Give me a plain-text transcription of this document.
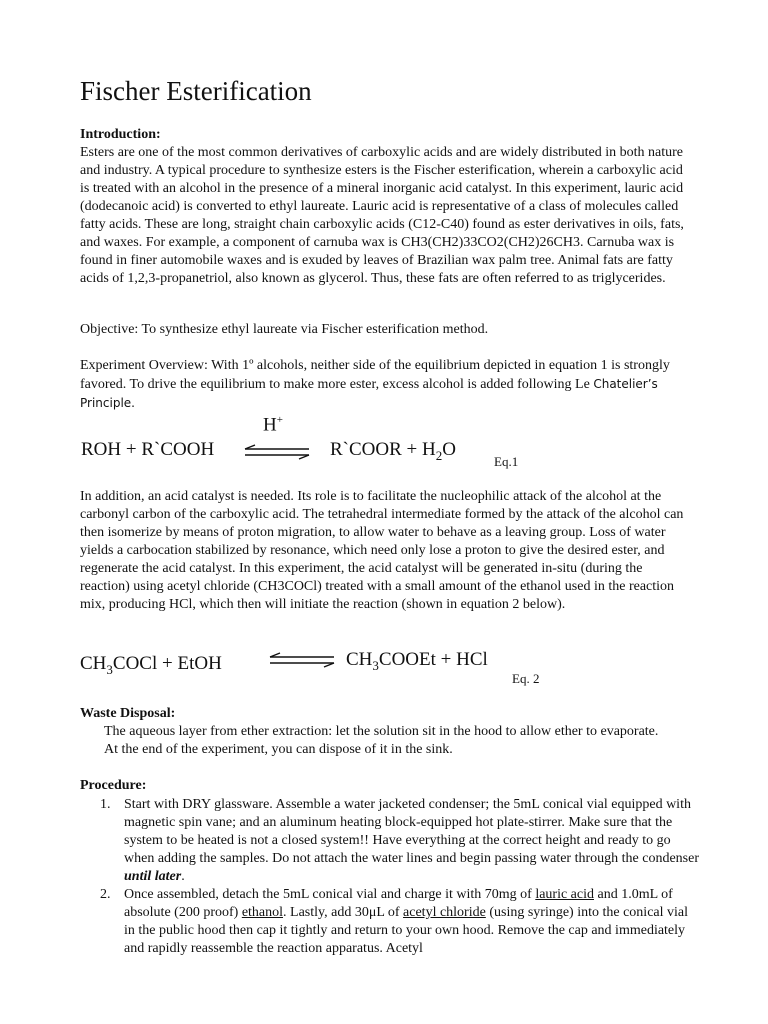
Fischer Esterification
Introduction:
Esters are one of the most common derivatives of carboxylic acids and are widely distributed in both nature and industry. A typical procedure to synthesize esters is the Fischer esterification, wherein a carboxylic acid is treated with an alcohol in the presence of a mineral inorganic acid catalyst. In this experiment, lauric acid (dodecanoic acid) is converted to ethyl laureate. Lauric acid is representative of a class of molecules called fatty acids. These are long, straight chain carboxylic acids (C12-C40) found as ester derivatives in oils, fats, and waxes. For example, a component of carnuba wax is CH3(CH2)33CO2(CH2)26CH3. Carnuba wax is found in finer automobile waxes and is exuded by leaves of Brazilian wax palm tree. Animal fats are fatty acids of 1,2,3-propanetriol, also known as glycerol. Thus, these fats are often referred to as triglycerides.
Objective: To synthesize ethyl laureate via Fischer esterification method.
Experiment Overview: With 1º alcohols, neither side of the equilibrium depicted in equation 1 is strongly favored. To drive the equilibrium to make more ester, excess alcohol is added following Le Chatelier’s Principle.
H+
ROH + R`COOH ⇌ R`COOR + $H_2O$
Eq.1
In addition, an acid catalyst is needed. Its role is to facilitate the nucleophilic attack of the alcohol at the carbonyl carbon of the carboxylic acid. The tetrahedral intermediate formed by the attack of the alcohol can then isomerize by means of proton migration, to allow water to behave as a leaving group. Loss of water yields a carbocation stabilized by resonance, which need only lose a proton to give the desired ester, and regenerate the acid catalyst. In this experiment, the acid catalyst will be generated in-situ (during the reaction) using acetyl chloride (CH3COCl) treated with a small amount of the ethanol used in the reaction mix, producing HCl, which then will initiate the reaction (shown in equation 2 below).
$CH_3COCl$ + EtOH ⇌ $CH_3COOEt$ + HCl
Eq. 2
Waste Disposal:
The aqueous layer from ether extraction: let the solution sit in the hood to allow ether to evaporate. At the end of the experiment, you can dispose of it in the sink.
Procedure:
1. Start with DRY glassware. Assemble a water jacketed condenser; the 5mL conical vial equipped with magnetic spin vane; and an aluminum heating block-equipped hot plate-stirrer. Make sure that the system to be heated is not a closed system!! Have everything at the correct height and ready to go when adding the samples. Do not attach the water lines and begin passing water through the condenser until later.
2. Once assembled, detach the 5mL conical vial and charge it with 70mg of lauric acid and 1.0mL of absolute (200 proof) ethanol. Lastly, add 30μL of acetyl chloride (using syringe) into the conical vial in the public hood then cap it tightly and return to your own hood. Remove the cap and immediately and rapidly reassemble the reaction apparatus. Acetyl
